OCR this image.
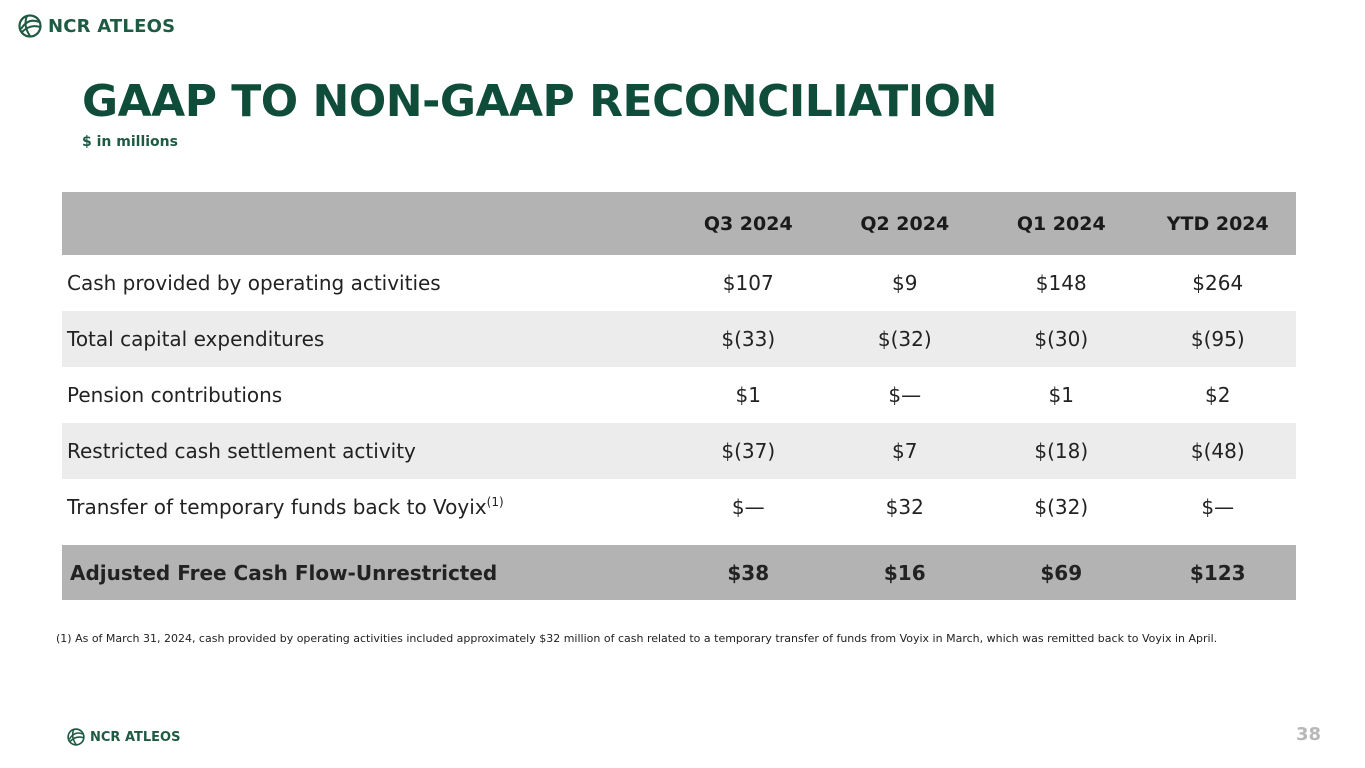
NCR ATLEOS
GAAP TO NON-GAAP RECONCILIATION
$ in millions
	Q3 2024	Q2 2024	Q1 2024	YTD 2024
Cash provided by operating activities	$107	$9	$148	$264
Total capital expenditures	$(33)	$(32)	$(30)	$(95)
Pension contributions	$1	$—	$1	$2
Restricted cash settlement activity	$(37)	$7	$(18)	$(48)
Transfer of temporary funds back to Voyix$^{(1)}$	$—	$32	$(32)	$—

Adjusted Free Cash Flow-Unrestricted	$38	$16	$69	$123
(1) As of March 31, 2024, cash provided by operating activities included approximately $32 million of cash related to a temporary transfer of funds from Voyix in March, which was remitted back to Voyix in April.
NCR ATLEOS	38
